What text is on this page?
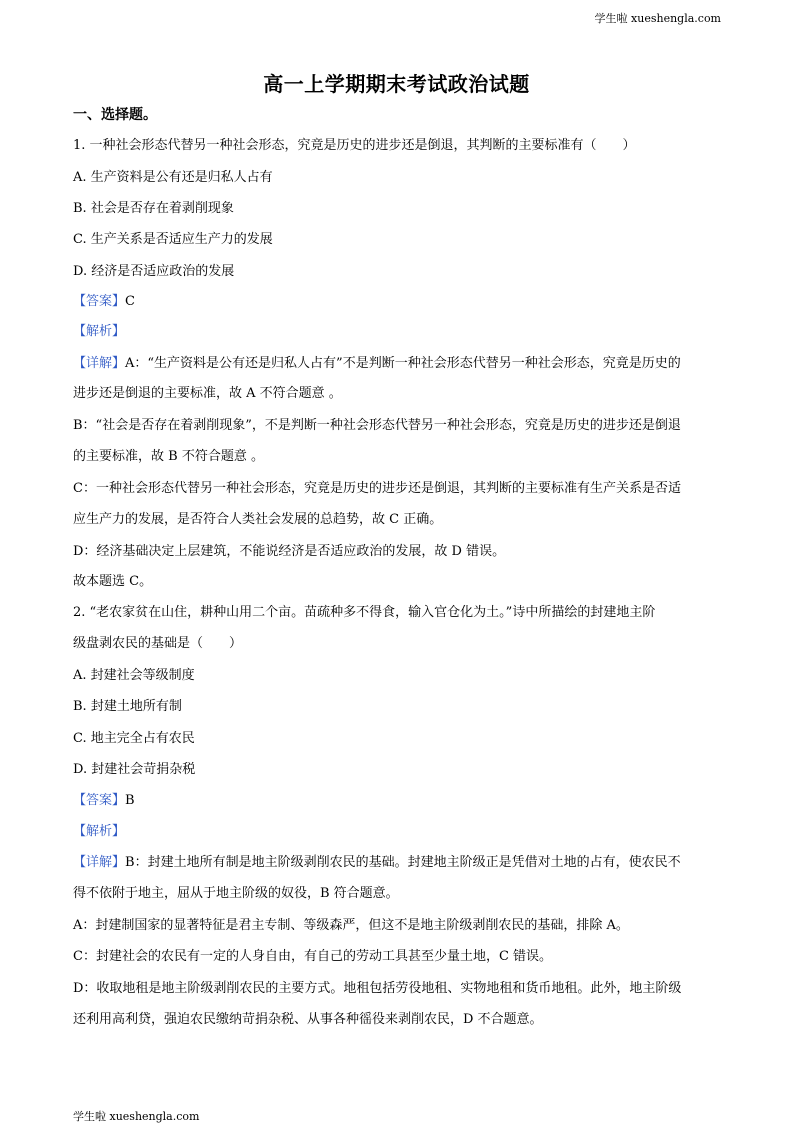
学生啦 xueshengla.com
高一上学期期末考试政治试题
一、选择题。
1. 一种社会形态代替另一种社会形态，究竟是历史的进步还是倒退，其判断的主要标准有（　　）
A. 生产资料是公有还是归私人占有
B. 社会是否存在着剥削现象
C. 生产关系是否适应生产力的发展
D. 经济是否适应政治的发展
【答案】C
【解析】
【详解】A：“生产资料是公有还是归私人占有”不是判断一种社会形态代替另一种社会形态，究竟是历史的
进步还是倒退的主要标准，故 A 不符合题意 。
B：“社会是否存在着剥削现象”，不是判断一种社会形态代替另一种社会形态，究竟是历史的进步还是倒退
的主要标准，故 B 不符合题意 。
C：一种社会形态代替另一种社会形态，究竟是历史的进步还是倒退，其判断的主要标准有生产关系是否适
应生产力的发展，是否符合人类社会发展的总趋势，故 C 正确。
D：经济基础决定上层建筑，不能说经济是否适应政治的发展，故 D 错误。
故本题选 C。
2. “老农家贫在山住，耕种山用二个亩。苗疏种多不得食，输入官仓化为土。”诗中所描绘的封建地主阶
级盘剥农民的基础是（　　）
A. 封建社会等级制度
B. 封建土地所有制
C. 地主完全占有农民
D. 封建社会苛捐杂税
【答案】B
【解析】
【详解】B：封建土地所有制是地主阶级剥削农民的基础。封建地主阶级正是凭借对土地的占有，使农民不
得不依附于地主，屈从于地主阶级的奴役，B 符合题意。
A：封建制国家的显著特征是君主专制、等级森严，但这不是地主阶级剥削农民的基础，排除 A。
C：封建社会的农民有一定的人身自由，有自己的劳动工具甚至少量土地，C 错误。
D：收取地租是地主阶级剥削农民的主要方式。地租包括劳役地租、实物地租和货币地租。此外，地主阶级
还利用高利贷，强迫农民缴纳苛捐杂税、从事各种徭役来剥削农民，D 不合题意。
学生啦 xueshengla.com
